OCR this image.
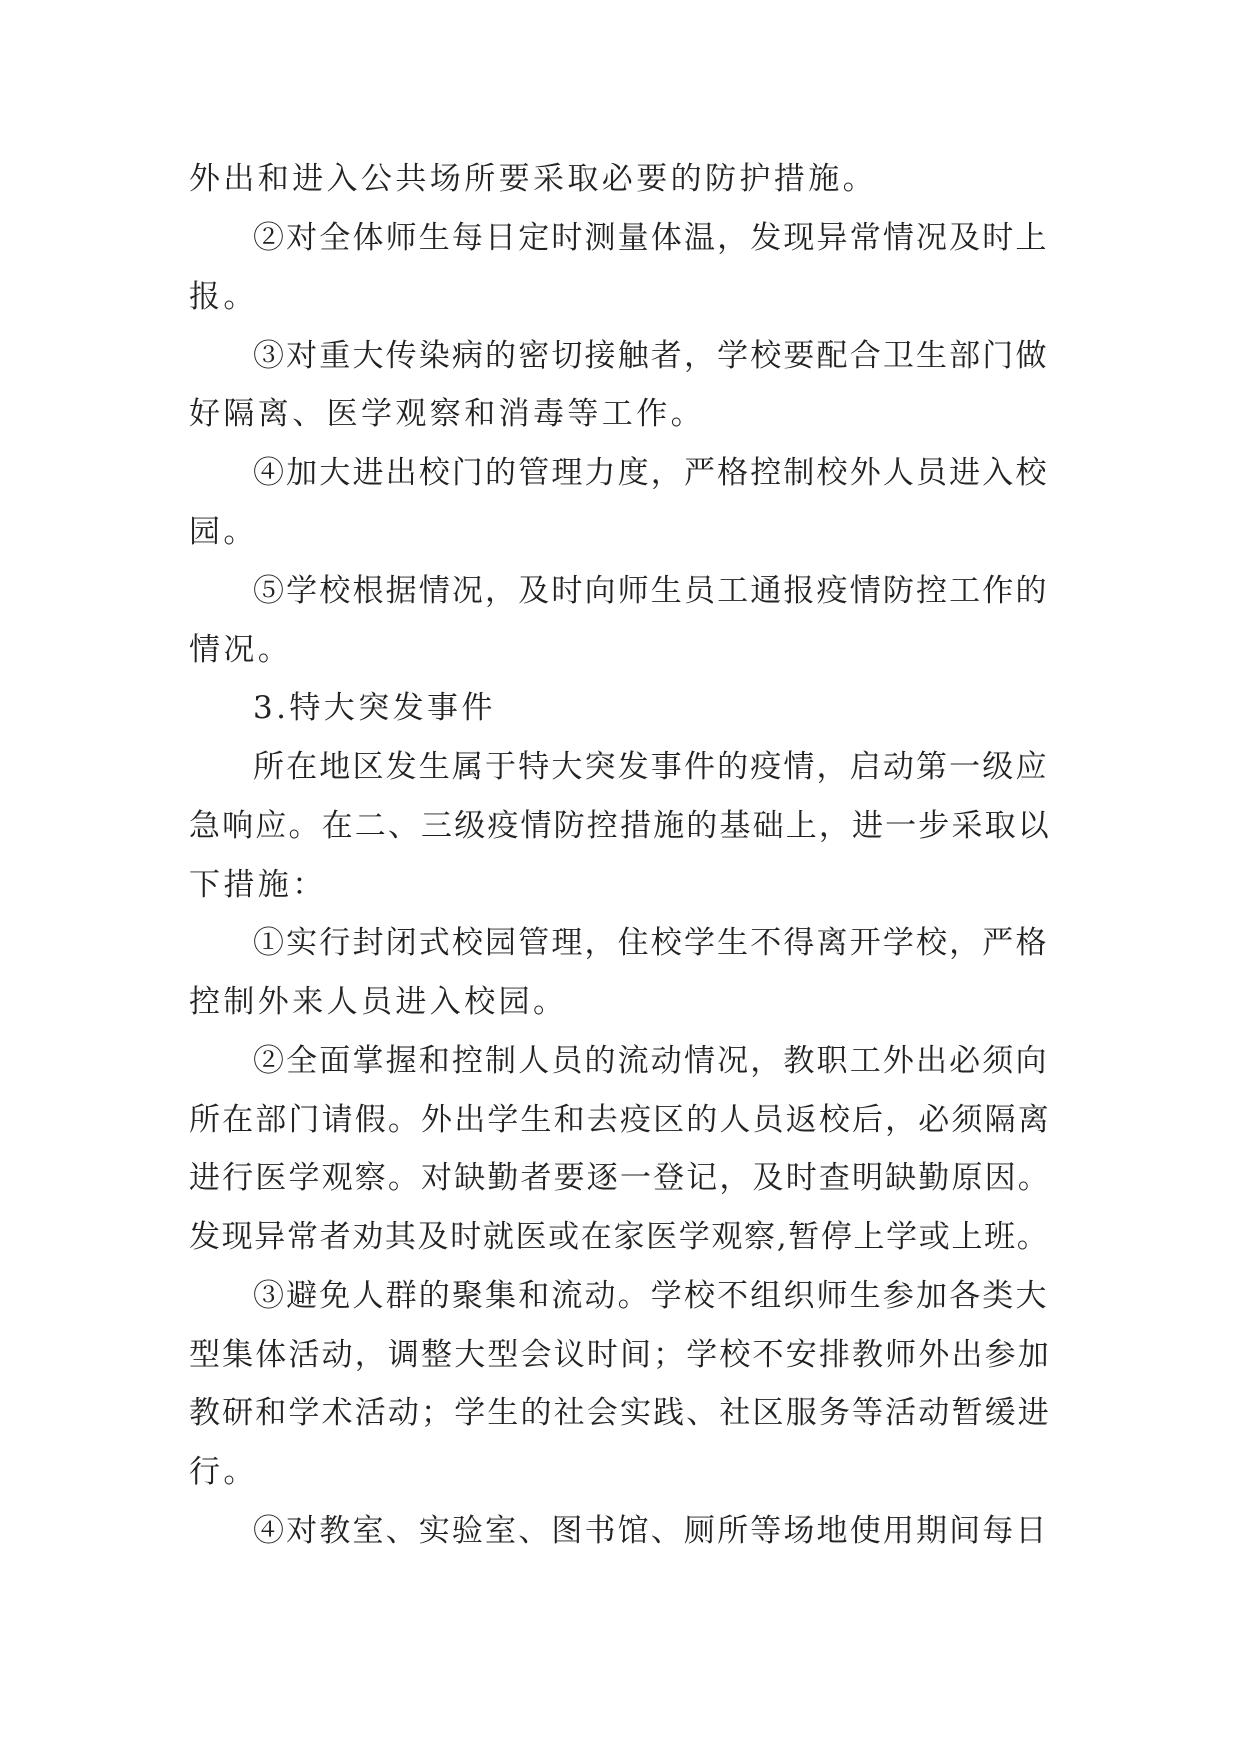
外出和进入公共场所要采取必要的防护措施。

②对全体师生每日定时测量体温，发现异常情况及时上

报。

③对重大传染病的密切接触者，学校要配合卫生部门做

好隔离、医学观察和消毒等工作。

④加大进出校门的管理力度，严格控制校外人员进入校

园。

⑤学校根据情况，及时向师生员工通报疫情防控工作的

情况。

3.特大突发事件

所在地区发生属于特大突发事件的疫情，启动第一级应

急响应。在二、三级疫情防控措施的基础上，进一步采取以

下措施：

①实行封闭式校园管理，住校学生不得离开学校，严格

控制外来人员进入校园。

②全面掌握和控制人员的流动情况，教职工外出必须向

所在部门请假。外出学生和去疫区的人员返校后，必须隔离

进行医学观察。对缺勤者要逐一登记，及时查明缺勤原因。

发现异常者劝其及时就医或在家医学观察,暂停上学或上班。

③避免人群的聚集和流动。学校不组织师生参加各类大

型集体活动，调整大型会议时间；学校不安排教师外出参加

教研和学术活动；学生的社会实践、社区服务等活动暂缓进

行。

④对教室、实验室、图书馆、厕所等场地使用期间每日
